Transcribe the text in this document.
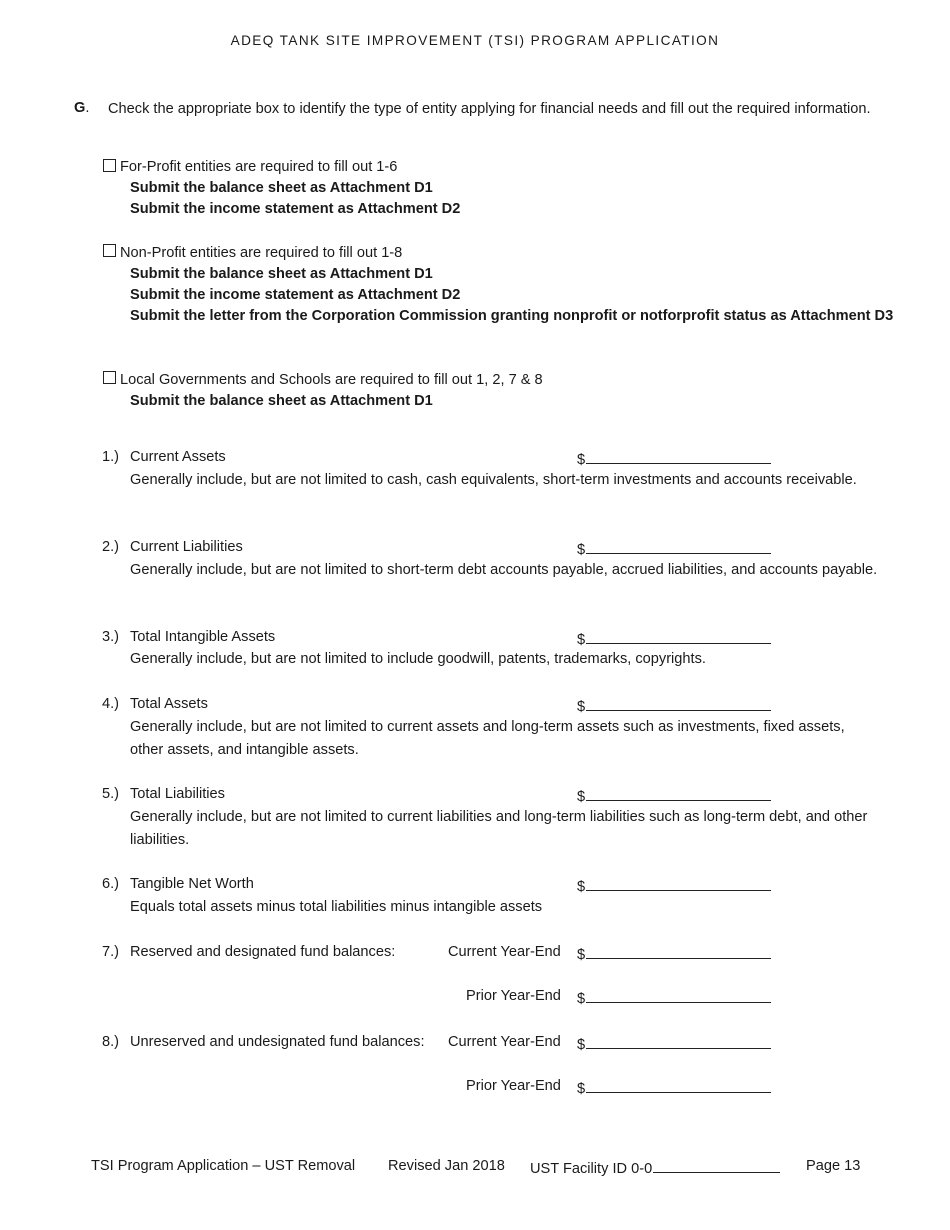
ADEQ TANK SITE IMPROVEMENT (TSI) PROGRAM APPLICATION
G. Check the appropriate box to identify the type of entity applying for financial needs and fill out the required information.
For-Profit entities are required to fill out 1-6
Submit the balance sheet as Attachment D1
Submit the income statement as Attachment D2
Non-Profit entities are required to fill out 1-8
Submit the balance sheet as Attachment D1
Submit the income statement as Attachment D2
Submit the letter from the Corporation Commission granting nonprofit or notforprofit status as Attachment D3
Local Governments and Schools are required to fill out 1, 2, 7 & 8
Submit the balance sheet as Attachment D1
1.) Current Assets	$
Generally include, but are not limited to cash, cash equivalents, short-term investments and accounts receivable.
2.) Current Liabilities	$
Generally include, but are not limited to short-term debt accounts payable, accrued liabilities, and accounts payable.
3.) Total Intangible Assets	$
Generally include, but are not limited to include goodwill, patents, trademarks, copyrights.
4.) Total Assets	$
Generally include, but are not limited to current assets and long-term assets such as investments, fixed assets, other assets, and intangible assets.
5.) Total Liabilities	$
Generally include, but are not limited to current liabilities and long-term liabilities such as long-term debt, and other liabilities.
6.) Tangible Net Worth	$
Equals total assets minus total liabilities minus intangible assets
7.) Reserved and designated fund balances:	Current Year-End $
Prior Year-End $
8.) Unreserved and undesignated fund balances: Current Year-End $
Prior Year-End $
TSI Program Application – UST Removal Revised Jan 2018 UST Facility ID 0-0	Page 13
